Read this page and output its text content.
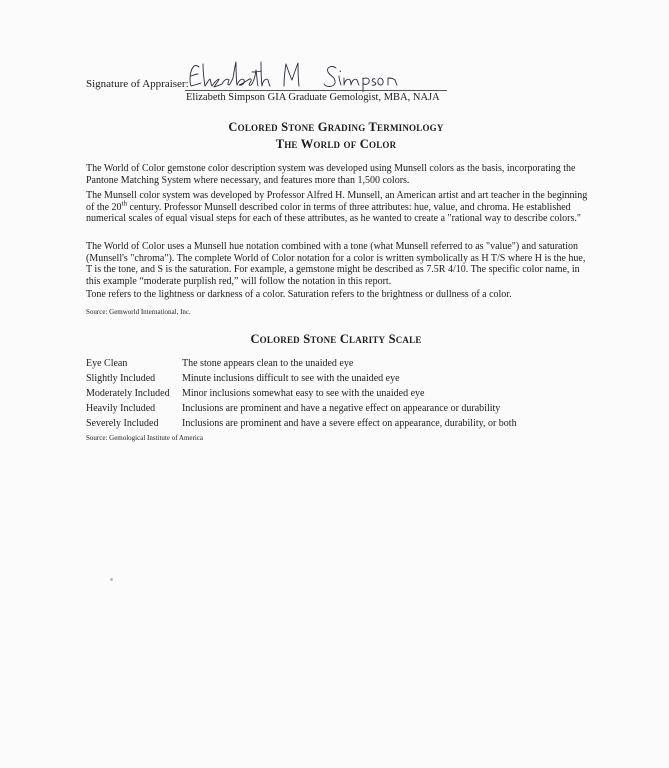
Signature of Appraiser:
Elizabeth Simpson GIA Graduate Gemologist, MBA, NAJA
Colored Stone Grading Terminology
The World of Color

The World of Color gemstone color description system was developed using Munsell colors as the basis, incorporating the Pantone Matching System where necessary, and features more than 1,500 colors.

The Munsell color system was developed by Professor Alfred H. Munsell, an American artist and art teacher in the beginning of the 20th century. Professor Munsell described color in terms of three attributes: hue, value, and chroma. He established numerical scales of equal visual steps for each of these attributes, as he wanted to create a "rational way to describe colors."

The World of Color uses a Munsell hue notation combined with a tone (what Munsell referred to as "value") and saturation (Munsell's "chroma"). The complete World of Color notation for a color is written symbolically as H T/S where H is the hue, T is the tone, and S is the saturation. For example, a gemstone might be described as 7.5R 4/10. The specific color name, in this example “moderate purplish red,” will follow the notation in this report.

Tone refers to the lightness or darkness of a color. Saturation refers to the brightness or dullness of a color.

Source: Gemworld International, Inc.
Colored Stone Clarity Scale
Eye Clean	The stone appears clean to the unaided eye
Slightly Included	Minute inclusions difficult to see with the unaided eye
Moderately Included	Minor inclusions somewhat easy to see with the unaided eye
Heavily Included	Inclusions are prominent and have a negative effect on appearance or durability
Severely Included	Inclusions are prominent and have a severe effect on appearance, durability, or both
Source: Gemological Institute of America
